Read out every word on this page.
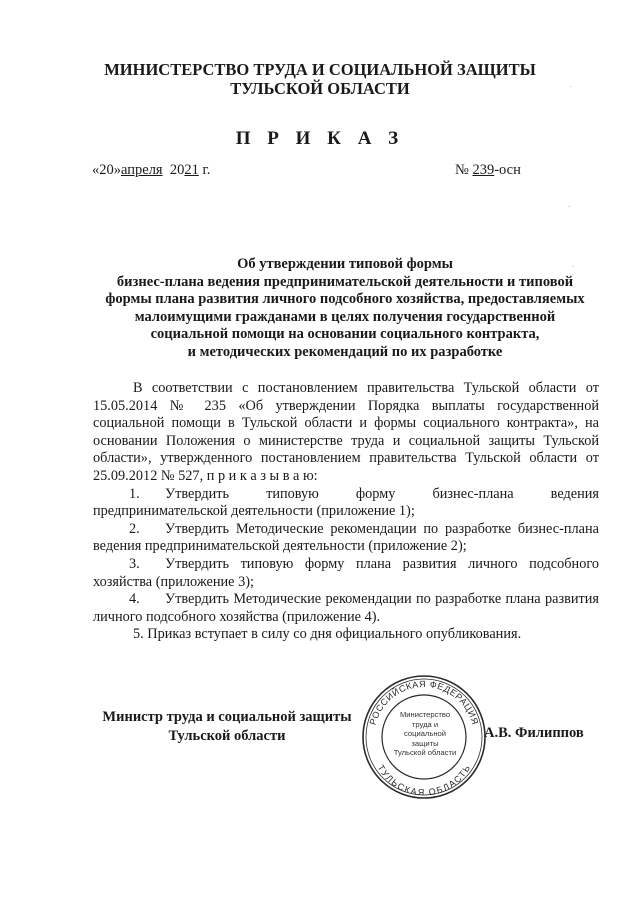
МИНИСТЕРСТВО ТРУДА И СОЦИАЛЬНОЙ ЗАЩИТЫ
ТУЛЬСКОЙ ОБЛАСТИ
П Р И К А З
«20»апреля 2021 г.	№ 239-осн
Об утверждении типовой формы
бизнес-плана ведения предпринимательской деятельности и типовой
формы плана развития личного подсобного хозяйства, предоставляемых
малоимущими гражданами в целях получения государственной
социальной помощи на основании социального контракта,
и методических рекомендаций по их разработке

В соответствии с постановлением правительства Тульской области от 15.05.2014 № 235 «Об утверждении Порядка выплаты государственной социальной помощи в Тульской области и формы социального контракта», на основании Положения о министерстве труда и социальной защиты Тульской области», утвержденного постановлением правительства Тульской области от 25.09.2012 № 527, п р и к а з ы в а ю:

1. Утвердить типовую форму бизнес-плана ведения предпринимательской деятельности (приложение 1);

2. Утвердить Методические рекомендации по разработке бизнес-плана ведения предпринимательской деятельности (приложение 2);

3. Утвердить типовую форму плана развития личного подсобного хозяйства (приложение 3);

4. Утвердить Методические рекомендации по разработке плана развития личного подсобного хозяйства (приложение 4).

5. Приказ вступает в силу со дня официального опубликования.

Министр труда и социальной защиты
Тульской области
РОССИЙСКАЯ ФЕДЕРАЦИЯ
ТУЛЬСКАЯ ОБЛАСТЬ
Министерство
труда и
социальной защиты
Тульской области
А.В. Филиппов
.
.
.
